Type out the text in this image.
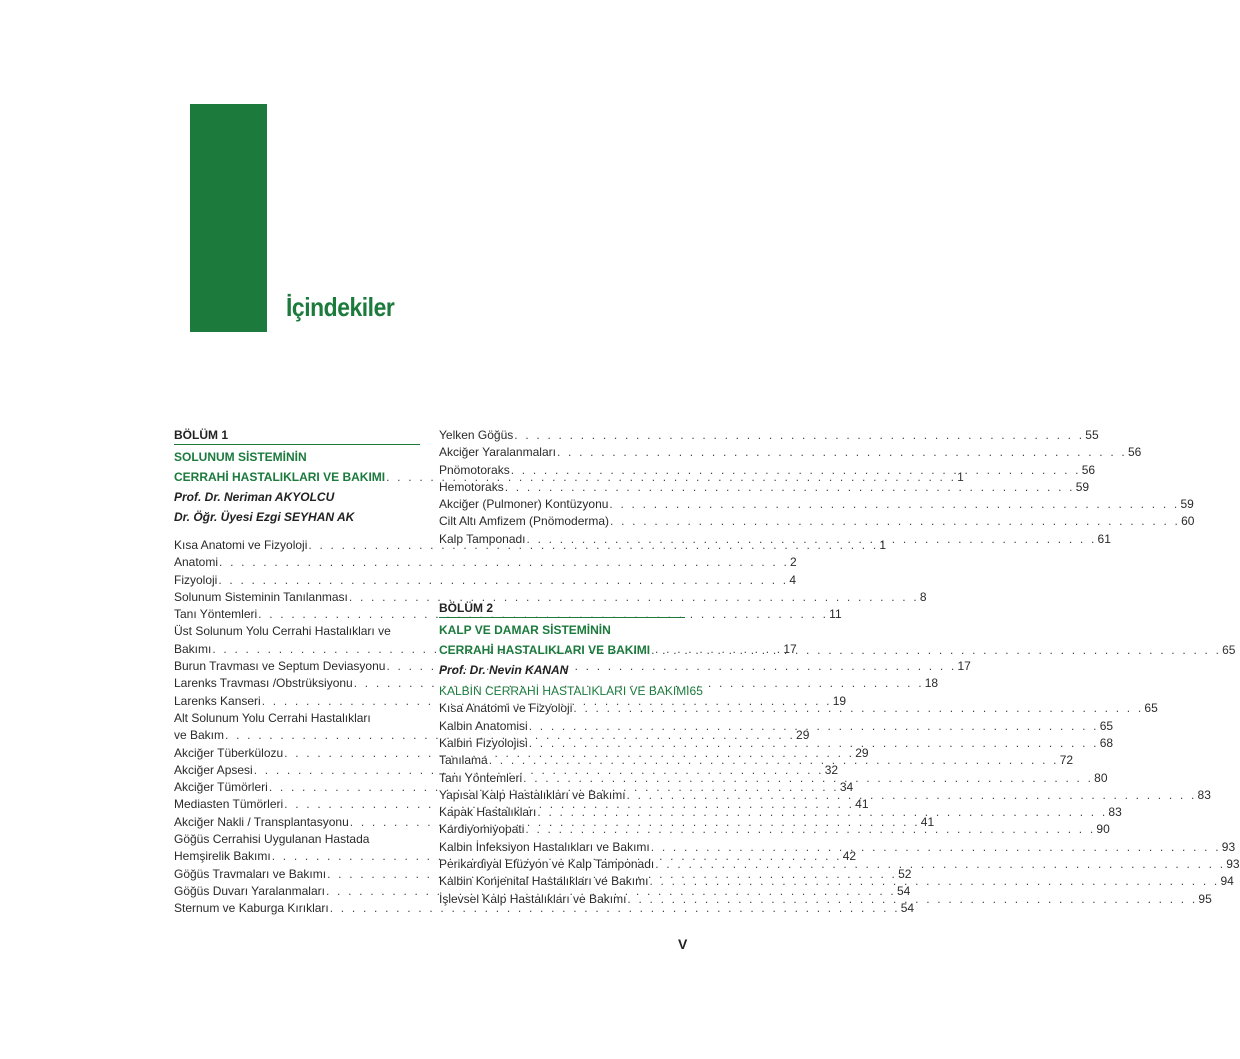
İçindekiler
BÖLÜM 1
SOLUNUM SİSTEMİNİN
CERRAHİ HASTALIKLARI VE BAKIMI . . .	1
Prof. Dr. Neriman AKYOLCU
Dr. Öğr. Üyesi Ezgi SEYHAN AK
Kısa Anatomi ve Fizyoloji . . .	1
Anatomi . . .	2
Fizyoloji . . .	4
Solunum Sisteminin Tanılanması . . .	8
Tanı Yöntemleri . . .	11
Üst Solunum Yolu Cerrahi Hastalıkları ve
Bakımı . . .	17
Burun Travması ve Septum Deviasyonu . . .	17
Larenks Travması /Obstrüksiyonu . . .	18
Larenks Kanseri . . .	19
Alt Solunum Yolu Cerrahi Hastalıkları
ve Bakım . . .	29
Akciğer Tüberkülozu . . .	29
Akciğer Apsesi . . .	32
Akciğer Tümörleri . . .	34
Mediasten Tümörleri . . .	41
Akciğer Nakli / Transplantasyonu . . .	41
Göğüs Cerrahisi Uygulanan Hastada
Hemşirelik Bakımı . . .	42
Göğüs Travmaları ve Bakımı . . .	52
Göğüs Duvarı Yaralanmaları . . .	54
Sternum ve Kaburga Kırıkları . . .	54
Yelken Göğüs . . .	55
Akciğer Yaralanmaları . . .	56
Pnömotoraks . . .	56
Hemotoraks . . .	59
Akciğer (Pulmoner) Kontüzyonu . . .	59
Cilt Altı Amfizem (Pnömoderma) . . .	60
Kalp Tamponadı . . .	61
BÖLÜM 2
KALP VE DAMAR SİSTEMİNİN
CERRAHİ HASTALIKLARI VE BAKIMI . . .	65
Prof. Dr. Nevin KANAN
KALBİN CERRAHİ HASTALIKLARI VE BAKIMI 65
Kısa Anatomi ve Fizyoloji . . .	65
Kalbin Anatomisi . . .	65
Kalbin Fizyolojisi . . .	68
Tanılama . . .	72
Tanı Yöntemleri . . .	80
Yapısal Kalp Hastalıkları ve Bakımı . . .	83
Kapak Hastalıkları . . .	83
Kardiyomiyopati . . .	90
Kalbin İnfeksiyon Hastalıkları ve Bakımı . . .	93
Perikardiyal Efüzyon ve Kalp Tamponadı . . .	93
Kalbin Konjenital Hastalıkları ve Bakımı . . .	94
İşlevsel Kalp Hastalıkları ve Bakımı . . .	95
V
